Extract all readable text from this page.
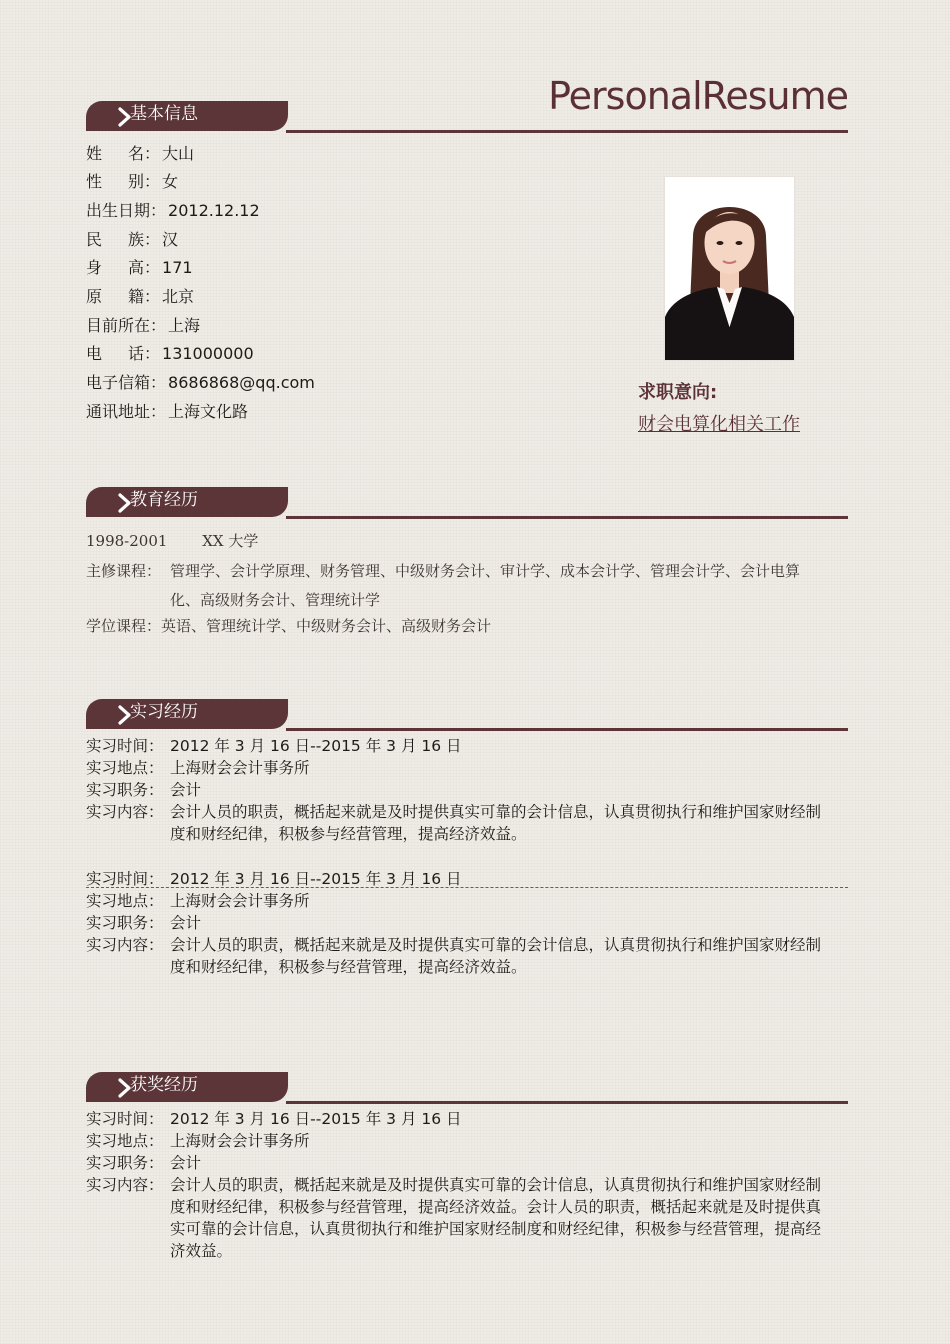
PersonalResume
基本信息
姓名： 大山
性别： 女
出生日期： 2012.12.12
民族： 汉
身高： 171
原籍： 北京
目前所在： 上海
电话： 131000000
电子信箱： 8686868@qq.com
通讯地址： 上海文化路
求职意向:
财会电算化相关工作
教育经历
1998-2001 XX 大学
主修课程： 管理学、会计学原理、财务管理、中级财务会计、审计学、成本会计学、管理会计学、会计电算化、高级财务会计、管理统计学
学位课程：英语、管理统计学、中级财务会计、高级财务会计
实习经历
实习时间： 2012 年 3 月 16 日--2015 年 3 月 16 日
实习地点： 上海财会会计事务所
实习职务： 会计
实习内容： 会计人员的职责，概括起来就是及时提供真实可靠的会计信息，认真贯彻执行和维护国家财经制度和财经纪律，积极参与经营管理，提高经济效益。
实习时间： 2012 年 3 月 16 日--2015 年 3 月 16 日
实习地点： 上海财会会计事务所
实习职务： 会计
实习内容： 会计人员的职责，概括起来就是及时提供真实可靠的会计信息，认真贯彻执行和维护国家财经制度和财经纪律，积极参与经营管理，提高经济效益。
获奖经历
实习时间： 2012 年 3 月 16 日--2015 年 3 月 16 日
实习地点： 上海财会会计事务所
实习职务： 会计
实习内容： 会计人员的职责，概括起来就是及时提供真实可靠的会计信息，认真贯彻执行和维护国家财经制度和财经纪律，积极参与经营管理，提高经济效益。会计人员的职责，概括起来就是及时提供真实可靠的会计信息，认真贯彻执行和维护国家财经制度和财经纪律，积极参与经营管理，提高经济效益。
